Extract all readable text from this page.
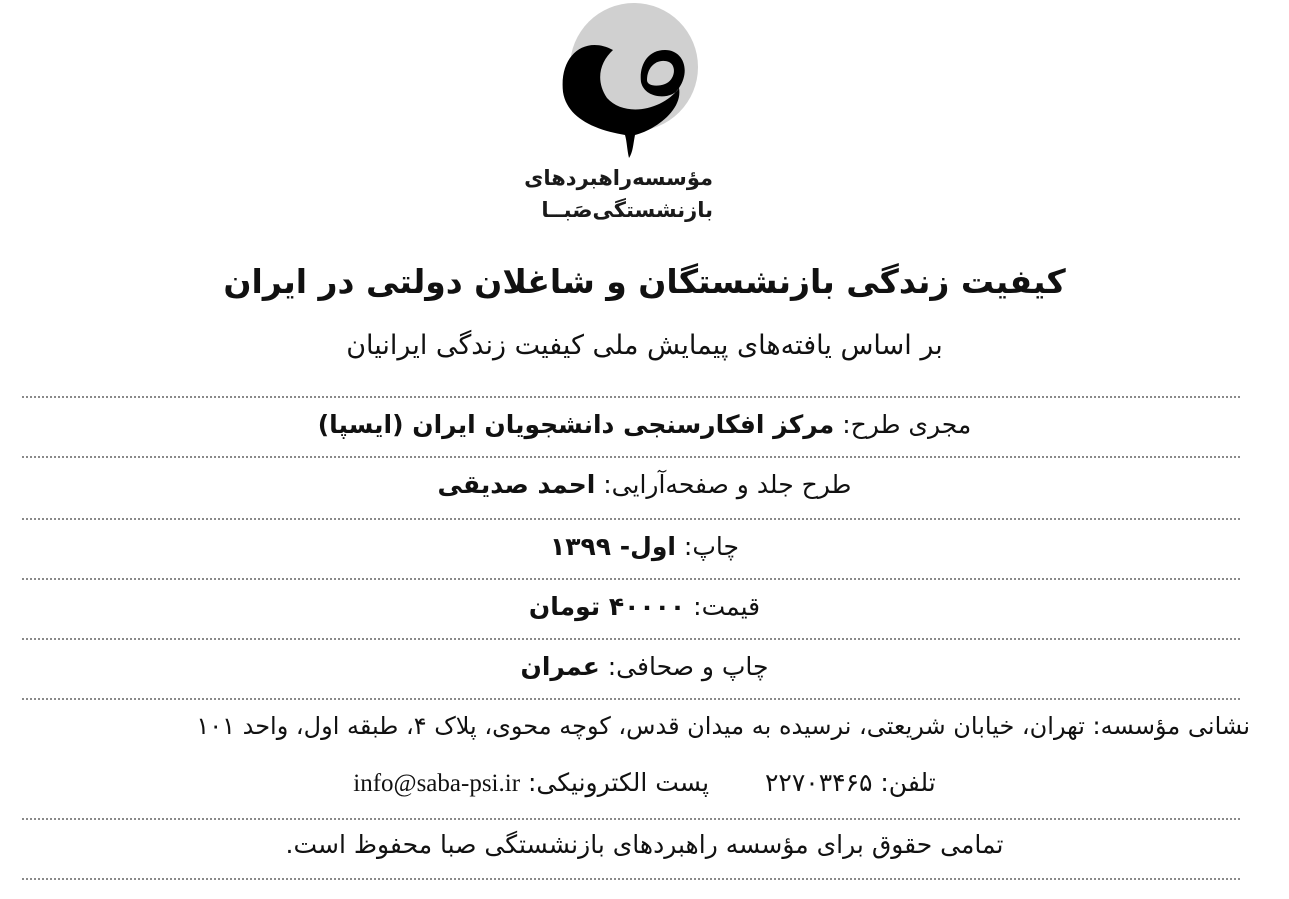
مؤسسه‌راهبردهای
بازنشستگی‌صَبــا
کیفیت زندگی بازنشستگان و شاغلان دولتی در ایران
بر اساس یافته‌های پیمایش ملی کیفیت زندگی ایرانیان
مجری طرح: مرکز افکارسنجی دانشجویان ایران (ایسپا)
طرح جلد و صفحه‌آرایی: احمد صدیقی
چاپ: اول- ۱۳۹۹
قیمت: ۴۰۰۰۰ تومان
چاپ و صحافی: عمران
نشانی مؤسسه: تهران، خیابان شریعتی، نرسیده به میدان قدس، کوچه محوی، پلاک ۴، طبقه اول، واحد ۱۰۱
تلفن: ۲۲۷۰۳۴۶۵  پست الکترونیکی: info@saba-psi.ir
تمامی حقوق برای مؤسسه راهبردهای بازنشستگی صبا محفوظ است.
